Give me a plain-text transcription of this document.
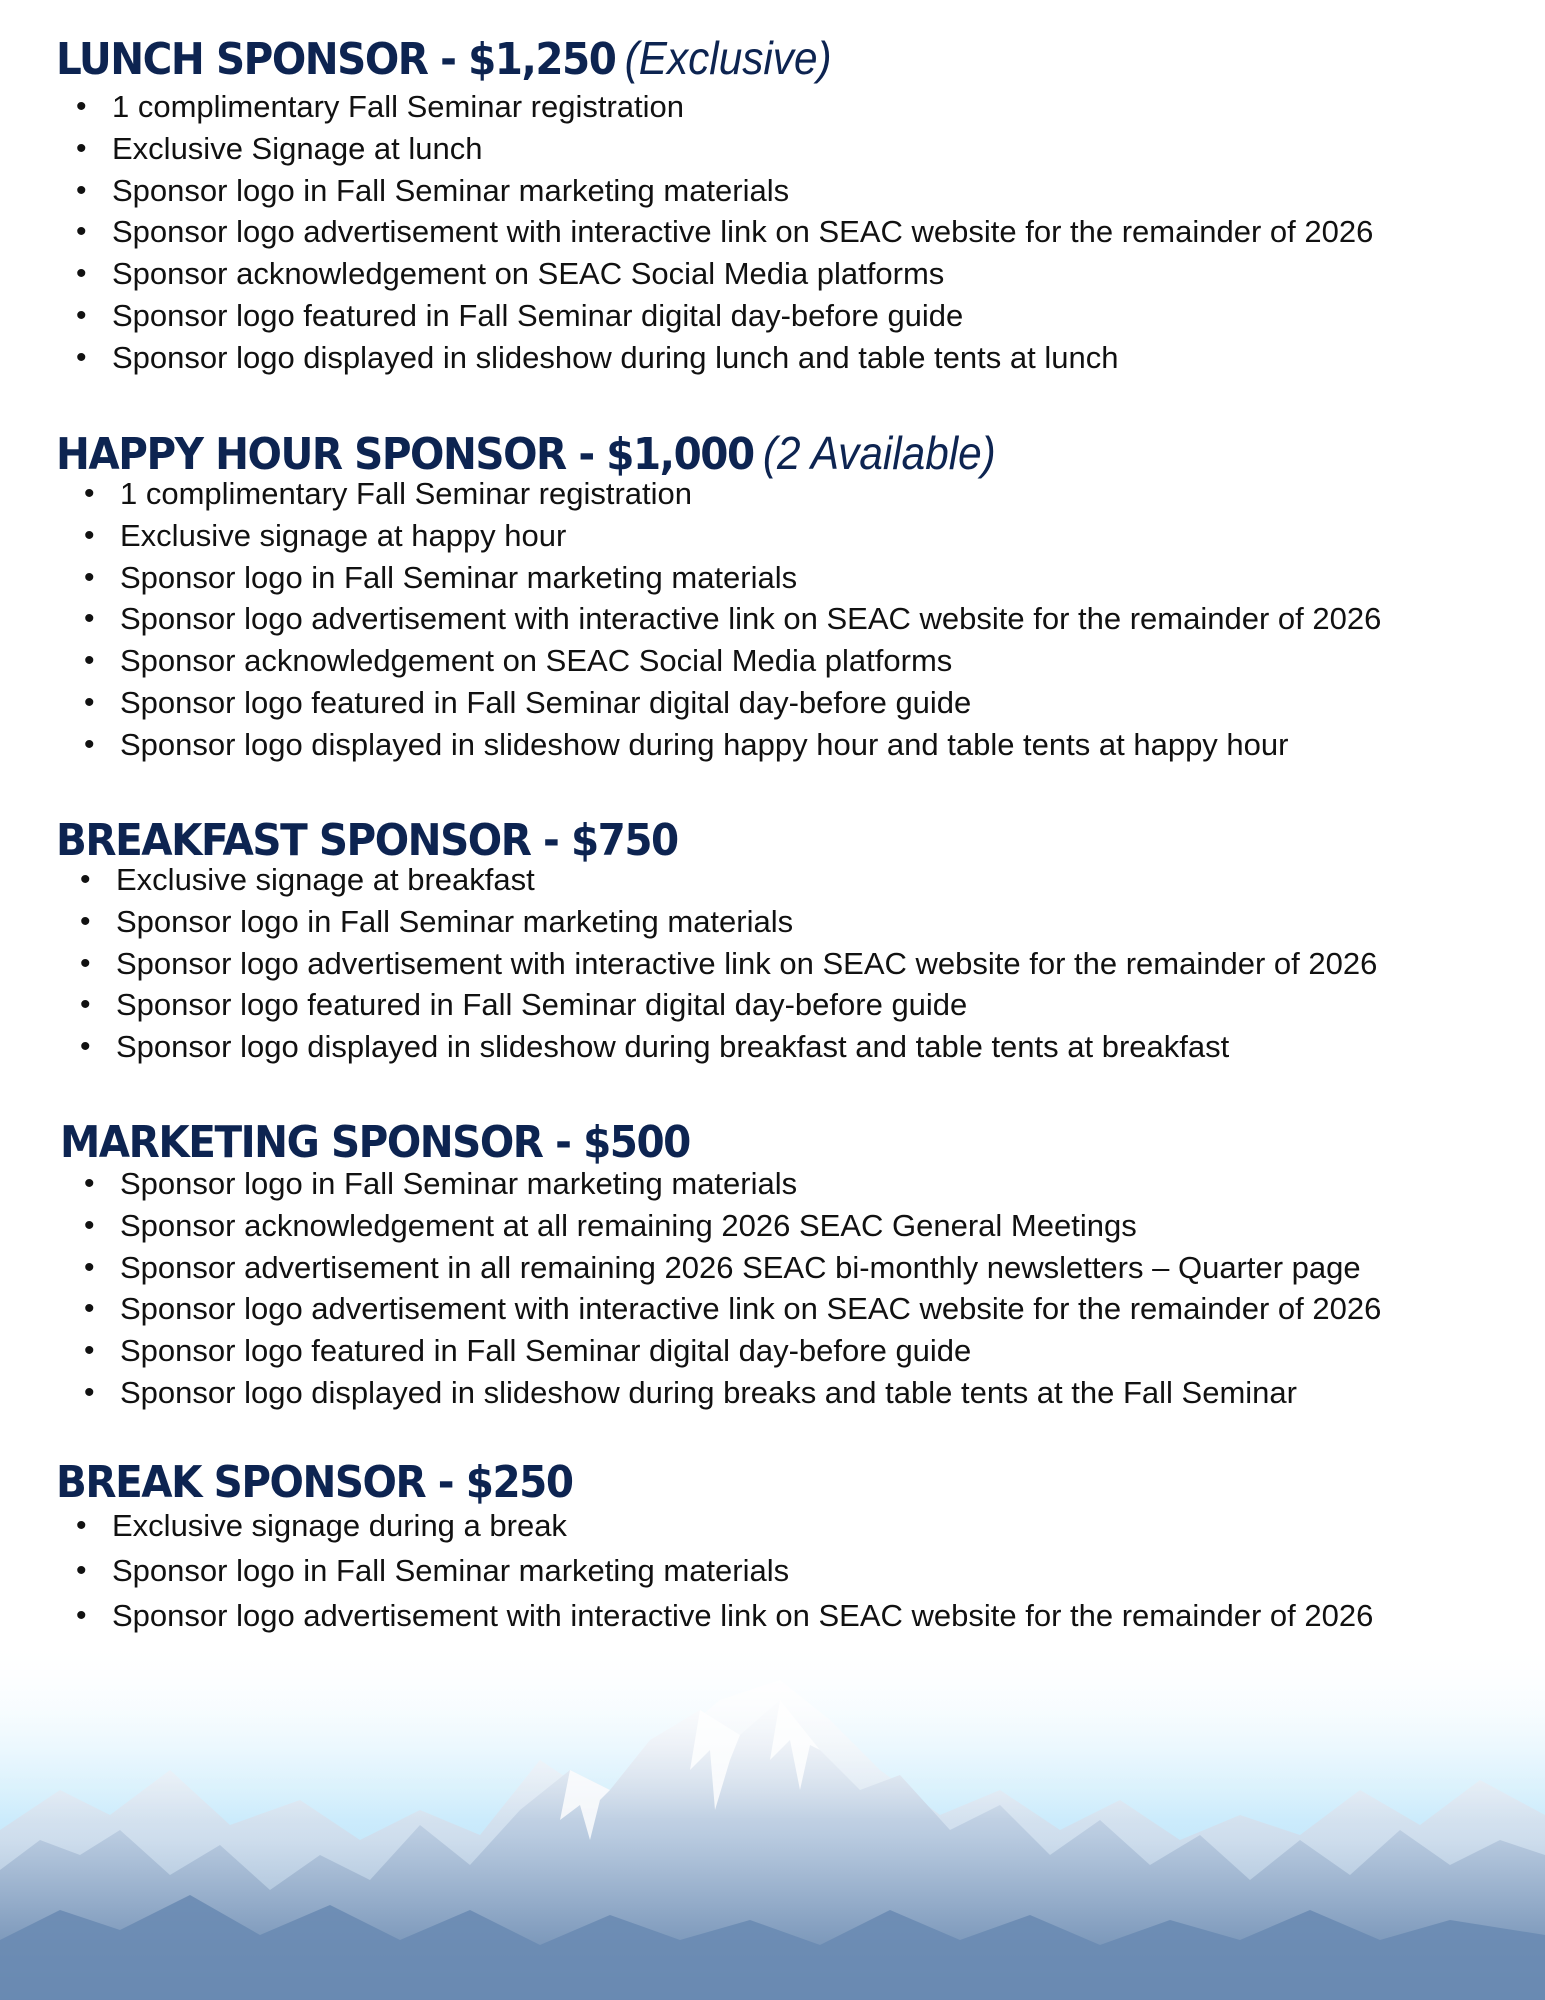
LUNCH SPONSOR - $1,250 (Exclusive)
• 1 complimentary Fall Seminar registration
• Exclusive Signage at lunch
• Sponsor logo in Fall Seminar marketing materials
• Sponsor logo advertisement with interactive link on SEAC website for the remainder of 2026
• Sponsor acknowledgement on SEAC Social Media platforms
• Sponsor logo featured in Fall Seminar digital day-before guide
• Sponsor logo displayed in slideshow during lunch and table tents at lunch
HAPPY HOUR SPONSOR - $1,000 (2 Available)
• 1 complimentary Fall Seminar registration
• Exclusive signage at happy hour
• Sponsor logo in Fall Seminar marketing materials
• Sponsor logo advertisement with interactive link on SEAC website for the remainder of 2026
• Sponsor acknowledgement on SEAC Social Media platforms
• Sponsor logo featured in Fall Seminar digital day-before guide
• Sponsor logo displayed in slideshow during happy hour and table tents at happy hour
BREAKFAST SPONSOR - $750
• Exclusive signage at breakfast
• Sponsor logo in Fall Seminar marketing materials
• Sponsor logo advertisement with interactive link on SEAC website for the remainder of 2026
• Sponsor logo featured in Fall Seminar digital day-before guide
• Sponsor logo displayed in slideshow during breakfast and table tents at breakfast
MARKETING SPONSOR - $500
• Sponsor logo in Fall Seminar marketing materials
• Sponsor acknowledgement at all remaining 2026 SEAC General Meetings
• Sponsor advertisement in all remaining 2026 SEAC bi-monthly newsletters – Quarter page
• Sponsor logo advertisement with interactive link on SEAC website for the remainder of 2026
• Sponsor logo featured in Fall Seminar digital day-before guide
• Sponsor logo displayed in slideshow during breaks and table tents at the Fall Seminar
BREAK SPONSOR - $250
• Exclusive signage during a break
• Sponsor logo in Fall Seminar marketing materials
• Sponsor logo advertisement with interactive link on SEAC website for the remainder of 2026
